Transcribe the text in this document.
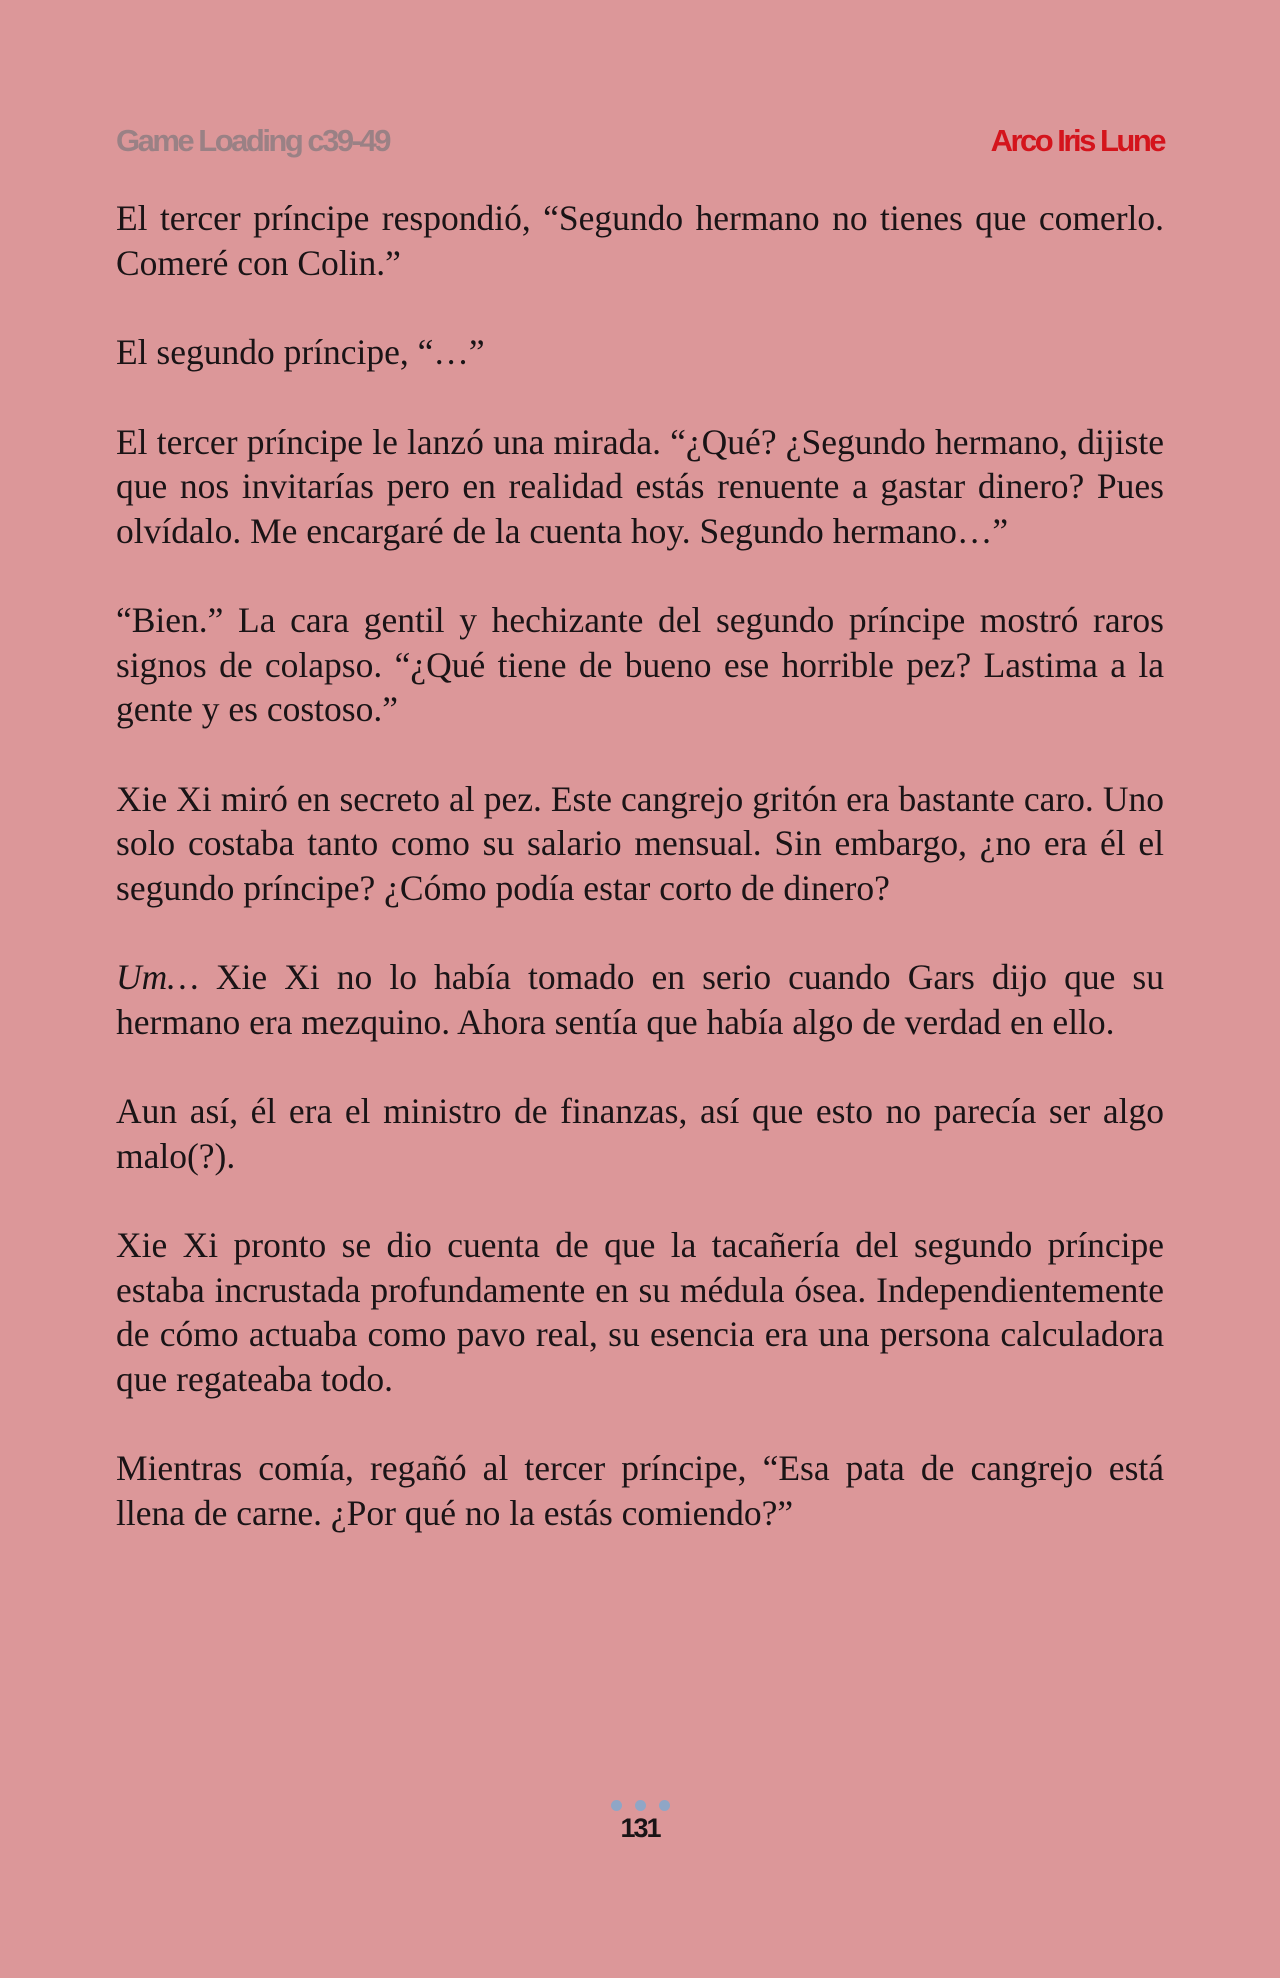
Game Loading c39-49	Arco Iris Lune

El tercer príncipe respondió, “Segundo hermano no tienes que comerlo. Comeré con Colin.”

El segundo príncipe, “…”

El tercer príncipe le lanzó una mirada. “¿Qué? ¿Segundo hermano, dijiste que nos invitarías pero en realidad estás renuente a gastar dinero? Pues olvídalo. Me encargaré de la cuenta hoy. Segundo hermano…”

“Bien.” La cara gentil y hechizante del segundo príncipe mostró raros signos de colapso. “¿Qué tiene de bueno ese horrible pez? Lastima a la gente y es costoso.”

Xie Xi miró en secreto al pez. Este cangrejo gritón era bastante caro. Uno solo costaba tanto como su salario mensual. Sin embargo, ¿no era él el segundo príncipe? ¿Cómo podía estar corto de dinero?

Um… Xie Xi no lo había tomado en serio cuando Gars dijo que su hermano era mezquino. Ahora sentía que había algo de verdad en ello.

Aun así, él era el ministro de finanzas, así que esto no parecía ser algo malo(?).

Xie Xi pronto se dio cuenta de que la tacañería del segundo príncipe estaba incrustada profundamente en su médula ósea. Independientemente de cómo actuaba como pavo real, su esencia era una persona calculadora que regateaba todo.

Mientras comía, regañó al tercer príncipe, “Esa pata de cangrejo está llena de carne. ¿Por qué no la estás comiendo?”

131
